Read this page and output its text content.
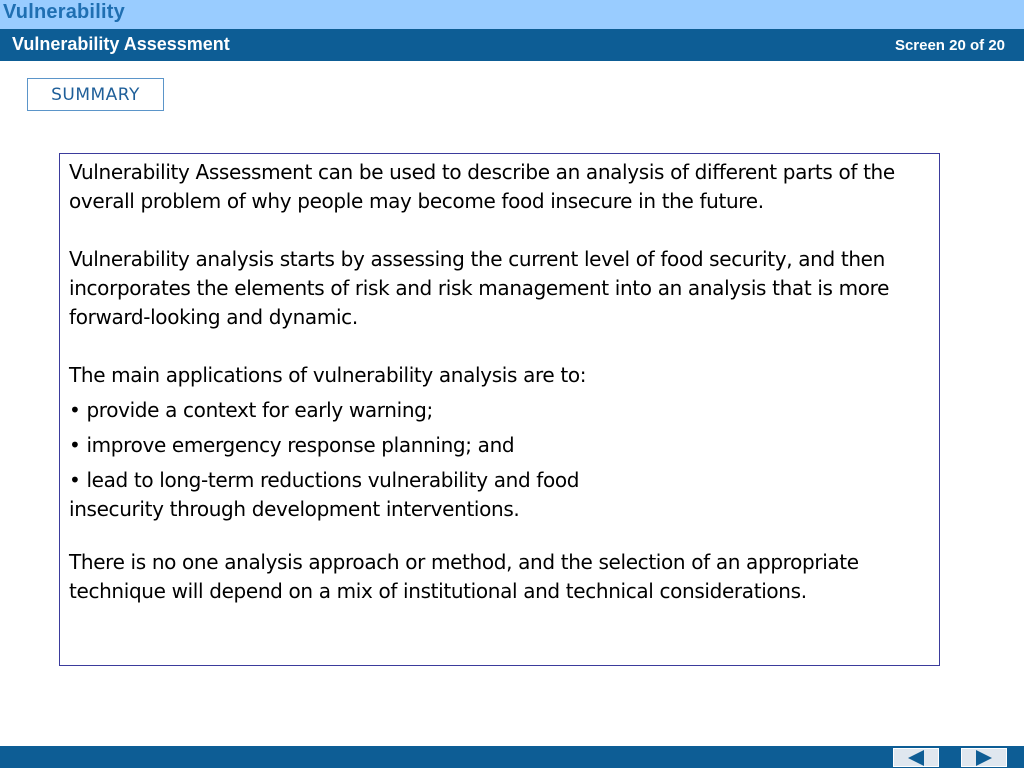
Vulnerability
Vulnerability Assessment	Screen 20 of 20
SUMMARY

Vulnerability Assessment can be used to describe an analysis of different parts of the overall problem of why people may become food insecure in the future.

Vulnerability analysis starts by assessing the current level of food security, and then incorporates the elements of risk and risk management into an analysis that is more forward-looking and dynamic.

The main applications of vulnerability analysis are to:

• provide a context for early warning;

• improve emergency response planning; and

• lead to long-term reductions vulnerability and food

insecurity through development interventions.

There is no one analysis approach or method, and the selection of an appropriate technique will depend on a mix of institutional and technical considerations.
